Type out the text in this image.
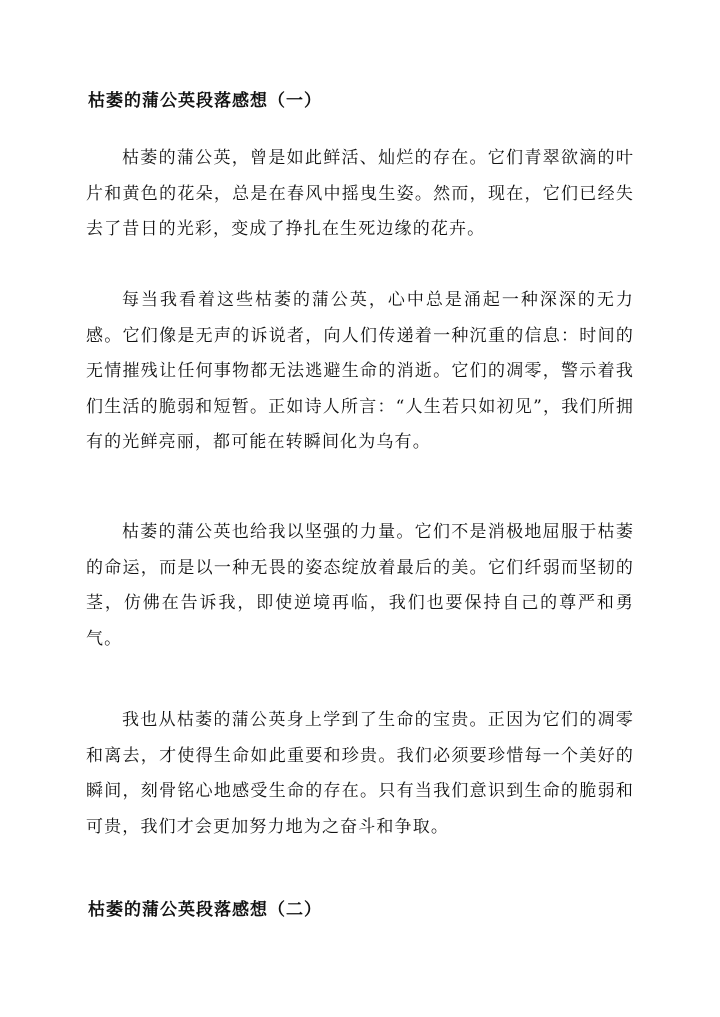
枯萎的蒲公英段落感想（一）

枯萎的蒲公英，曾是如此鲜活、灿烂的存在。它们青翠欲滴的叶片和黄色的花朵，总是在春风中摇曳生姿。然而，现在，它们已经失去了昔日的光彩，变成了挣扎在生死边缘的花卉。

每当我看着这些枯萎的蒲公英，心中总是涌起一种深深的无力感。它们像是无声的诉说者，向人们传递着一种沉重的信息：时间的无情摧残让任何事物都无法逃避生命的消逝。它们的凋零，警示着我们生活的脆弱和短暂。正如诗人所言：“人生若只如初见”，我们所拥有的光鲜亮丽，都可能在转瞬间化为乌有。

枯萎的蒲公英也给我以坚强的力量。它们不是消极地屈服于枯萎的命运，而是以一种无畏的姿态绽放着最后的美。它们纤弱而坚韧的茎，仿佛在告诉我，即使逆境再临，我们也要保持自己的尊严和勇气。

我也从枯萎的蒲公英身上学到了生命的宝贵。正因为它们的凋零和离去，才使得生命如此重要和珍贵。我们必须要珍惜每一个美好的瞬间，刻骨铭心地感受生命的存在。只有当我们意识到生命的脆弱和可贵，我们才会更加努力地为之奋斗和争取。

枯萎的蒲公英段落感想（二）
